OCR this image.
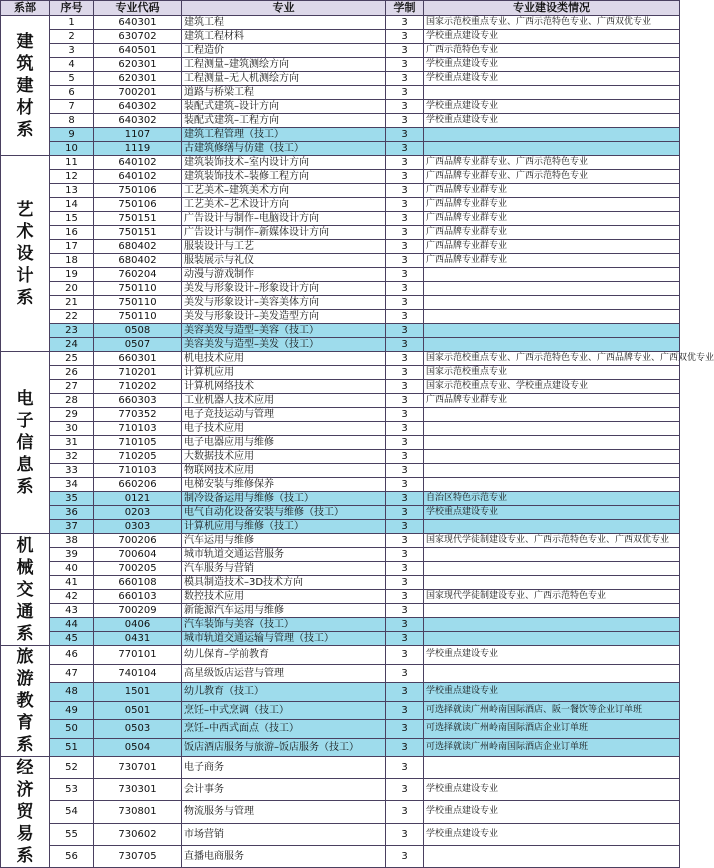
系部	序号	专业代码	专业	学制	专业建设类情况
建筑建材系	1	640301	建筑工程	3	国家示范校重点专业、广西示范特色专业、广西双优专业
	2	630702	建筑工程材料	3	学校重点建设专业
	3	640501	工程造价	3	广西示范特色专业
	4	620301	工程测量–建筑测绘方向	3	学校重点建设专业
	5	620301	工程测量–无人机测绘方向	3	学校重点建设专业
	6	700201	道路与桥梁工程	3	
	7	640302	装配式建筑–设计方向	3	学校重点建设专业
	8	640302	装配式建筑–工程方向	3	学校重点建设专业
	9	1107	建筑工程管理（技工）	3	
	10	1119	古建筑修缮与仿建（技工）	3	
艺术设计系	11	640102	建筑装饰技术–室内设计方向	3	广西品牌专业群专业、广西示范特色专业
	12	640102	建筑装饰技术–装修工程方向	3	广西品牌专业群专业、广西示范特色专业
	13	750106	工艺美术–建筑美术方向	3	广西品牌专业群专业
	14	750106	工艺美术–艺术设计方向	3	广西品牌专业群专业
	15	750151	广告设计与制作–电脑设计方向	3	广西品牌专业群专业
	16	750151	广告设计与制作–新媒体设计方向	3	广西品牌专业群专业
	17	680402	服装设计与工艺	3	广西品牌专业群专业
	18	680402	服装展示与礼仪	3	广西品牌专业群专业
	19	760204	动漫与游戏制作	3	
	20	750110	美发与形象设计–形象设计方向	3	
	21	750110	美发与形象设计–美容美体方向	3	
	22	750110	美发与形象设计–美发造型方向	3	
	23	0508	美容美发与造型–美容（技工）	3	
	24	0507	美容美发与造型–美发（技工）	3	
电子信息系	25	660301	机电技术应用	3	国家示范校重点专业、广西示范特色专业、广西品牌专业、广西双优专业
	26	710201	计算机应用	3	国家示范校重点专业
	27	710202	计算机网络技术	3	国家示范校重点专业、学校重点建设专业
	28	660303	工业机器人技术应用	3	广西品牌专业群专业
	29	770352	电子竞技运动与管理	3	
	30	710103	电子技术应用	3	
	31	710105	电子电器应用与维修	3	
	32	710205	大数据技术应用	3	
	33	710103	物联网技术应用	3	
	34	660206	电梯安装与维修保养	3	
	35	0121	制冷设备运用与维修（技工）	3	自治区特色示范专业
	36	0203	电气自动化设备安装与维修（技工）	3	学校重点建设专业
	37	0303	计算机应用与维修（技工）	3	
机械交通系	38	700206	汽车运用与维修	3	国家现代学徒制建设专业、广西示范特色专业、广西双优专业
	39	700604	城市轨道交通运营服务	3	
	40	700205	汽车服务与营销	3	
	41	660108	模具制造技术–3D技术方向	3	
	42	660103	数控技术应用	3	国家现代学徒制建设专业、广西示范特色专业
	43	700209	新能源汽车运用与维修	3	
	44	0406	汽车装饰与美容（技工）	3	
	45	0431	城市轨道交通运输与管理（技工）	3	
旅游教育系	46	770101	幼儿保育–学前教育	3	学校重点建设专业
	47	740104	高星级饭店运营与管理	3	
	48	1501	幼儿教育（技工）	3	学校重点建设专业
	49	0501	烹饪–中式烹调（技工）	3	可选择就读广州岭南国际酒店、阪一餐饮等企业订单班
	50	0503	烹饪–中西式面点（技工）	3	可选择就读广州岭南国际酒店企业订单班
	51	0504	饭店酒店服务与旅游–饭店服务（技工）	3	可选择就读广州岭南国际酒店企业订单班
经济贸易系	52	730701	电子商务	3	
	53	730301	会计事务	3	学校重点建设专业
	54	730801	物流服务与管理	3	学校重点建设专业
	55	730602	市场营销	3	学校重点建设专业
	56	730705	直播电商服务	3	
